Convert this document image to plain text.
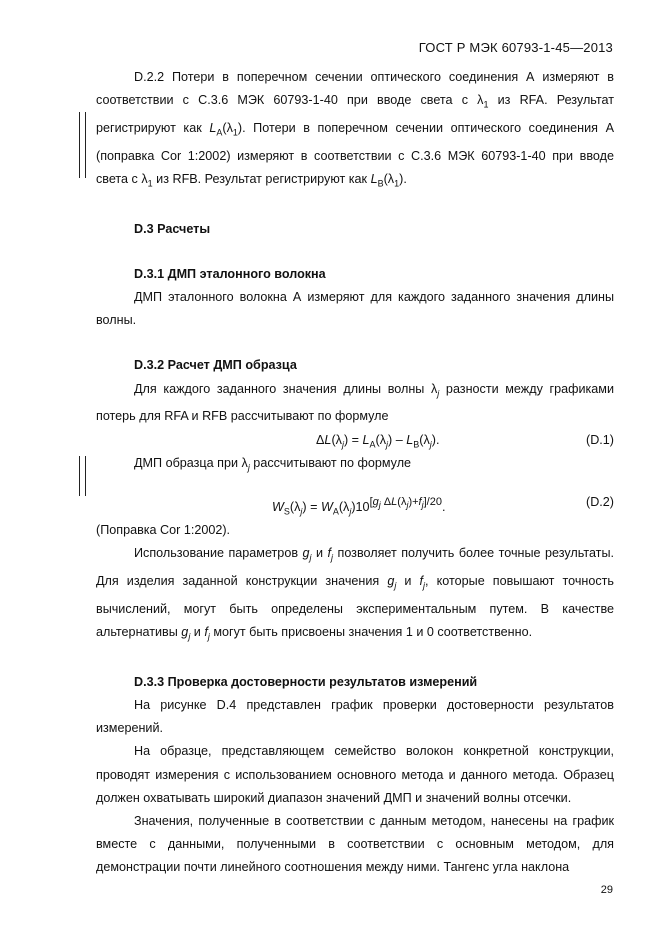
ГОСТ Р МЭК 60793-1-45—2013

D.2.2 Потери в поперечном сечении оптического соединения А измеряют в соответствии с С.3.6 МЭК 60793-1-40 при вводе света с $\lambda_1$ из RFA. Результат регистрируют как $L_A(\lambda_1)$. Потери в поперечном сечении оптического соединения А (поправка Cor 1:2002) измеряют в соответствии с С.3.6 МЭК 60793-1-40 при вводе света с $\lambda_1$ из RFB. Результат регистрируют как $L_B(\lambda_1)$.

D.3 Расчеты

D.3.1 ДМП эталонного волокна

ДМП эталонного волокна А измеряют для каждого заданного значения длины волны.

D.3.2 Расчет ДМП образца

Для каждого заданного значения длины волны $\lambda_j$ разности между графиками потерь для RFA и RFB рассчитывают по формуле

$\Delta L(\lambda_j) = L_A(\lambda_j) - L_B(\lambda_j)$.	(D.1)

ДМП образца при $\lambda_j$ рассчитывают по формуле

$W_S(\lambda_j) = W_A(\lambda_j)10[g_j$ $\Delta L(\lambda_j)+f_j]/20$.	(D.2)

(Поправка Cor 1:2002).

Использование параметров $g_j$ и $f_j$ позволяет получить более точные результаты. Для изделия заданной конструкции значения $g_j$ и $f_j$, которые повышают точность вычислений, могут быть определены экспериментальным путем. В качестве альтернативы $g_j$ и $f_j$ могут быть присвоены значения 1 и 0 соответственно.

D.3.3 Проверка достоверности результатов измерений

На рисунке D.4 представлен график проверки достоверности результатов измерений.

На образце, представляющем семейство волокон конкретной конструкции, проводят измерения с использованием основного метода и данного метода. Образец должен охватывать широкий диапазон значений ДМП и значений волны отсечки.

Значения, полученные в соответствии с данным методом, нанесены на график вместе с данными, полученными в соответствии с основным методом, для демонстрации почти линейного соотношения между ними. Тангенс угла наклона

29
